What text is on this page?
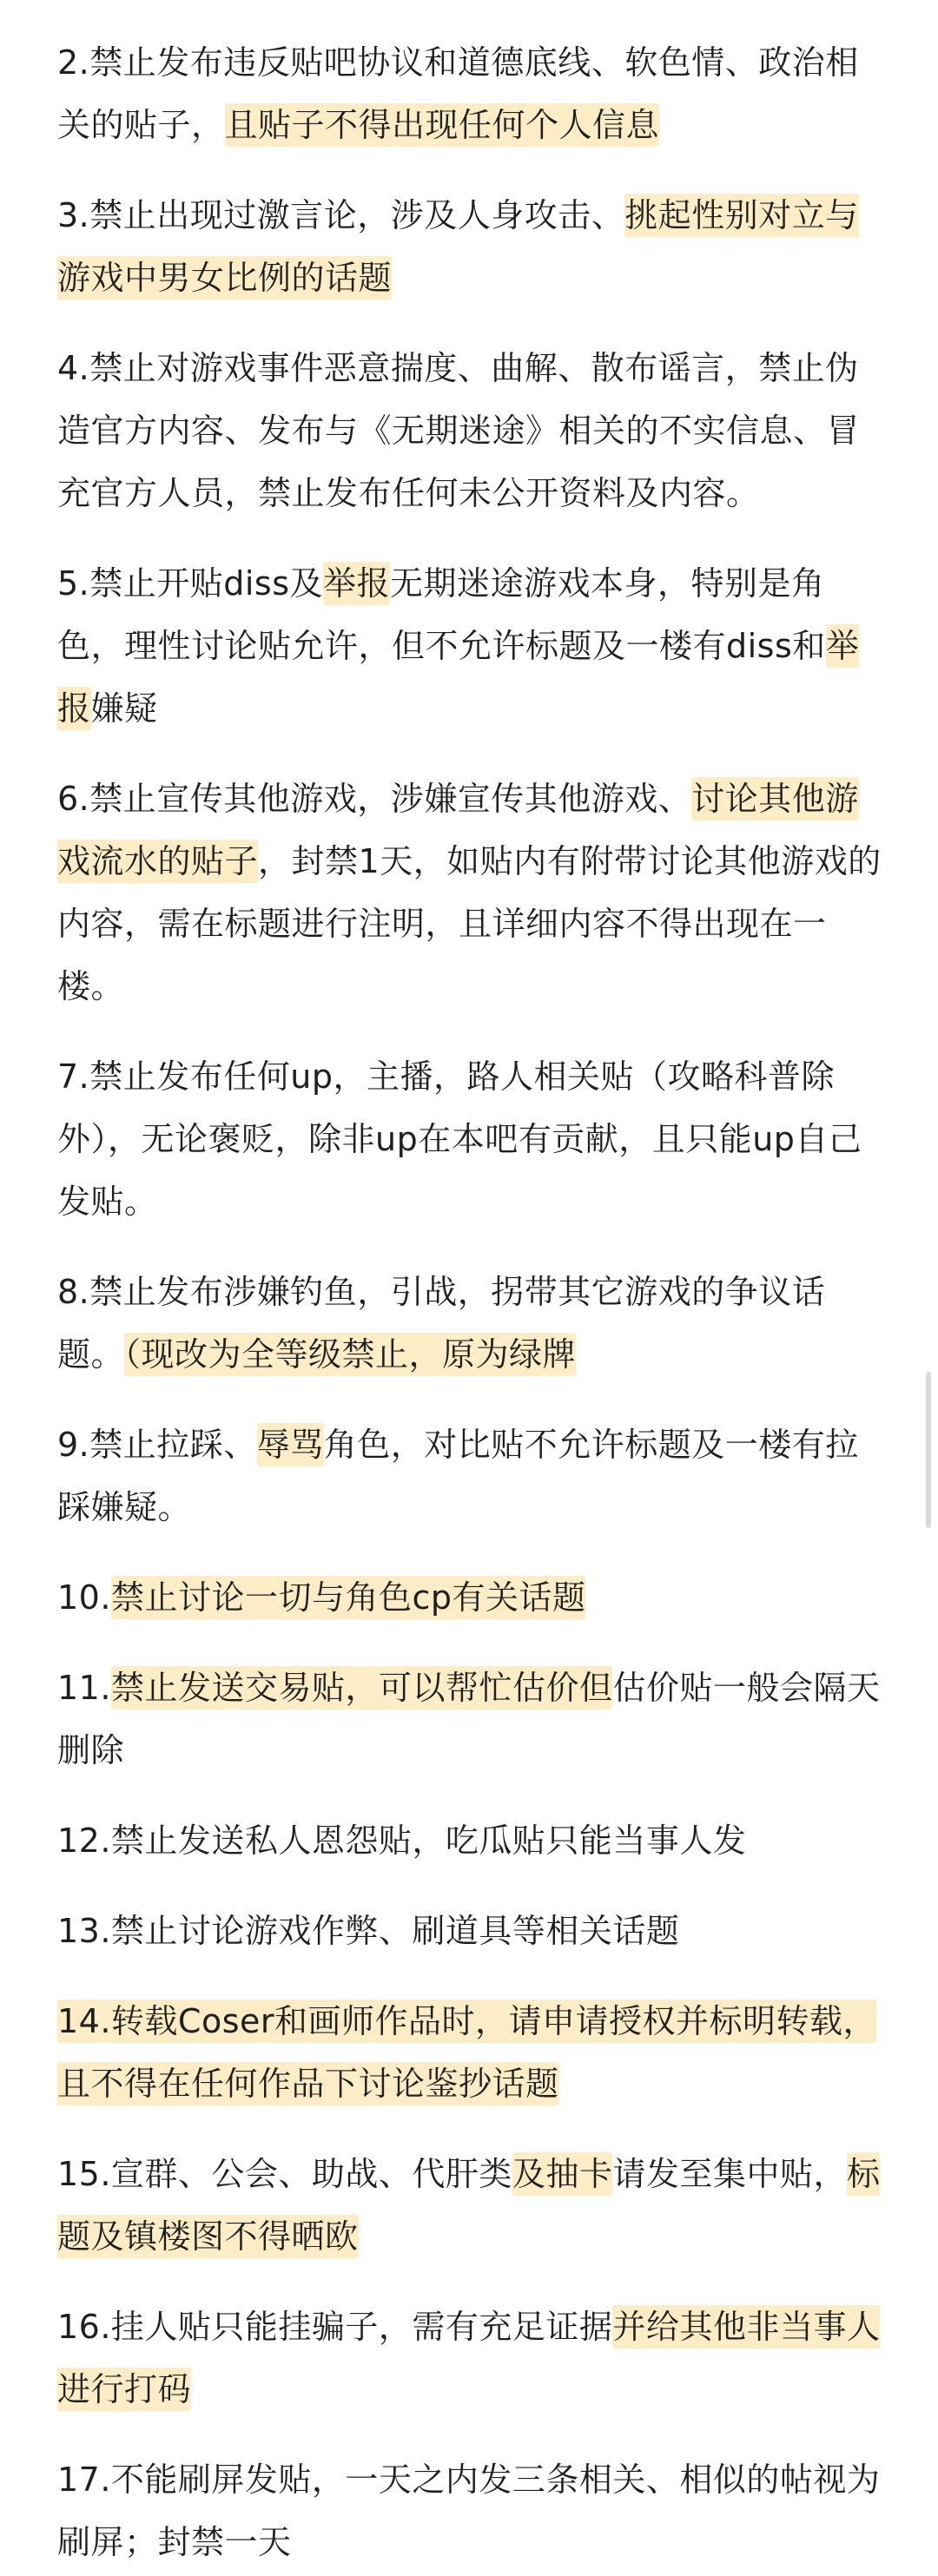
2.禁止发布违反贴吧协议和道德底线、软色情、政治相关的贴子，且贴子不得出现任何个人信息

3.禁止出现过激言论，涉及人身攻击、挑起性别对立与游戏中男女比例的话题

4.禁止对游戏事件恶意揣度、曲解、散布谣言，禁止伪造官方内容、发布与《无期迷途》相关的不实信息、冒充官方人员，禁止发布任何未公开资料及内容。

5.禁止开贴diss及举报无期迷途游戏本身，特别是角色，理性讨论贴允许，但不允许标题及一楼有diss和举报嫌疑

6.禁止宣传其他游戏，涉嫌宣传其他游戏、讨论其他游戏流水的贴子，封禁1天，如贴内有附带讨论其他游戏的内容，需在标题进行注明，且详细内容不得出现在一楼。

7.禁止发布任何up，主播，路人相关贴（攻略科普除外），无论褒贬，除非up在本吧有贡献，且只能up自己发贴。

8.禁止发布涉嫌钓鱼，引战，拐带其它游戏的争议话题。（现改为全等级禁止，原为绿牌

9.禁止拉踩、辱骂角色，对比贴不允许标题及一楼有拉踩嫌疑。

10.禁止讨论一切与角色cp有关话题

11.禁止发送交易贴，可以帮忙估价但估价贴一般会隔天删除

12.禁止发送私人恩怨贴，吃瓜贴只能当事人发

13.禁止讨论游戏作弊、刷道具等相关话题

14.转载Coser和画师作品时，请申请授权并标明转载，且不得在任何作品下讨论鉴抄话题

15.宣群、公会、助战、代肝类及抽卡请发至集中贴，标题及镇楼图不得晒欧

16.挂人贴只能挂骗子，需有充足证据并给其他非当事人进行打码

17.不能刷屏发贴，一天之内发三条相关、相似的帖视为刷屏；封禁一天
